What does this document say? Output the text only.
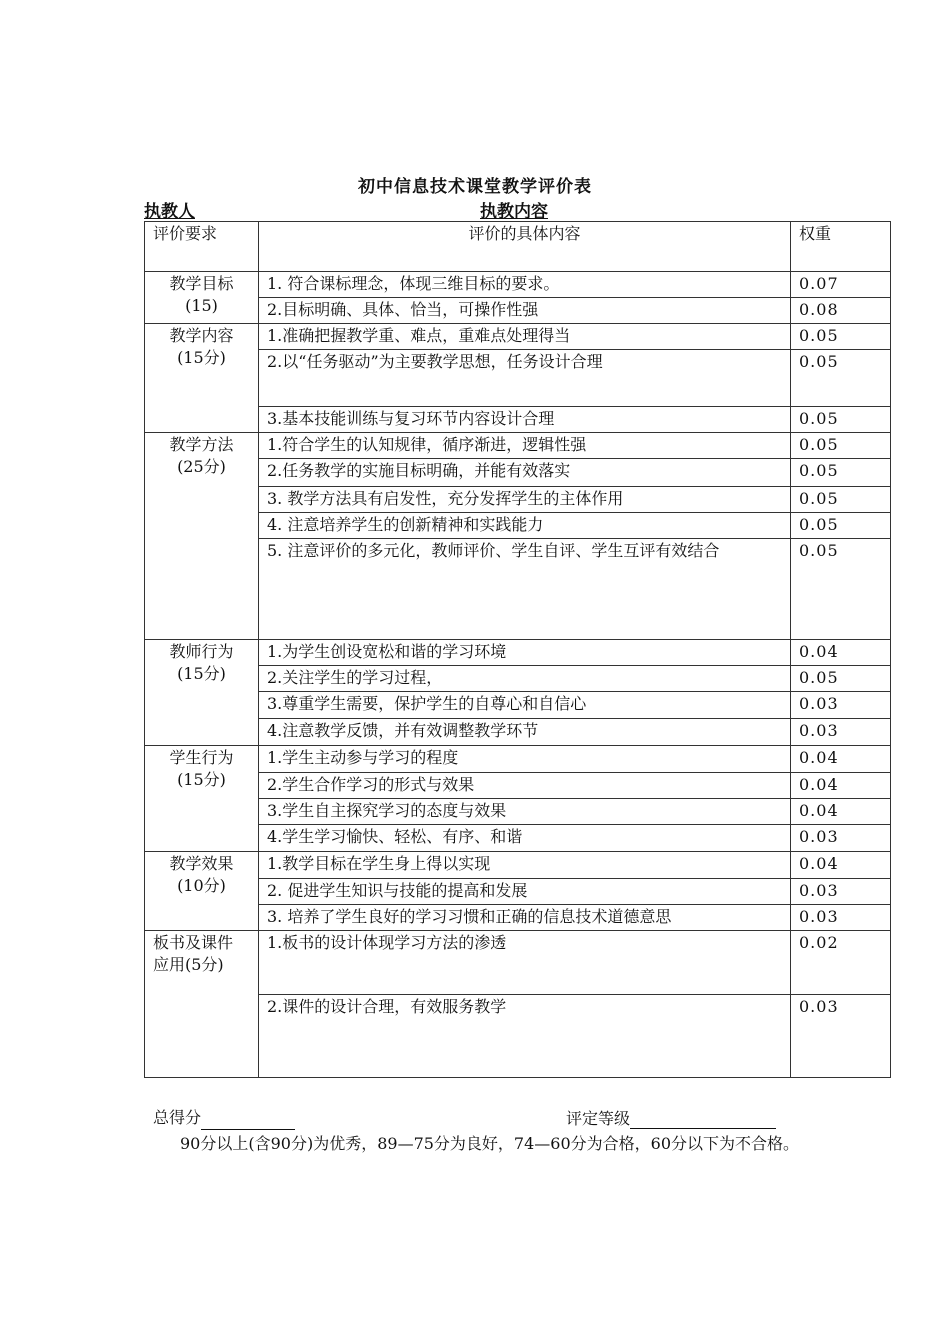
初中信息技术课堂教学评价表
执教人	执教内容
评价要求	评价的具体内容	权重

教学目标
(15)	1. 符合课标理念，体现三维目标的要求。	0.07
	2.目标明确、具体、恰当，可操作性强	0.08

教学内容
(15分)	1.准确把握教学重、难点，重难点处理得当	0.05
	2.以“任务驱动”为主要教学思想，任务设计合理	0.05
	3.基本技能训练与复习环节内容设计合理	0.05

教学方法
(25分)	1.符合学生的认知规律，循序渐进，逻辑性强	0.05
	2.任务教学的实施目标明确，并能有效落实	0.05
	3. 教学方法具有启发性，充分发挥学生的主体作用	0.05
	4. 注意培养学生的创新精神和实践能力	0.05
	5. 注意评价的多元化，教师评价、学生自评、学生互评有效结合	0.05

教师行为
(15分)	1.为学生创设宽松和谐的学习环境	0.04
	2.关注学生的学习过程，	0.05
	3.尊重学生需要，保护学生的自尊心和自信心	0.03
	4.注意教学反馈，并有效调整教学环节	0.03

学生行为
(15分)	1.学生主动参与学习的程度	0.04
	2.学生合作学习的形式与效果	0.04
	3.学生自主探究学习的态度与效果	0.04
	4.学生学习愉快、轻松、有序、和谐	0.03

教学效果
(10分)	1.教学目标在学生身上得以实现	0.04
	2. 促进学生知识与技能的提高和发展	0.03
	3. 培养了学生良好的学习习惯和正确的信息技术道德意思	0.03

板书及课件
应用(5分)	1.板书的设计体现学习方法的渗透	0.02
	2.课件的设计合理，有效服务教学	0.03
总得分	评定等级
90分以上(含90分)为优秀，89—75分为良好，74—60分为合格，60分以下为不合格。
